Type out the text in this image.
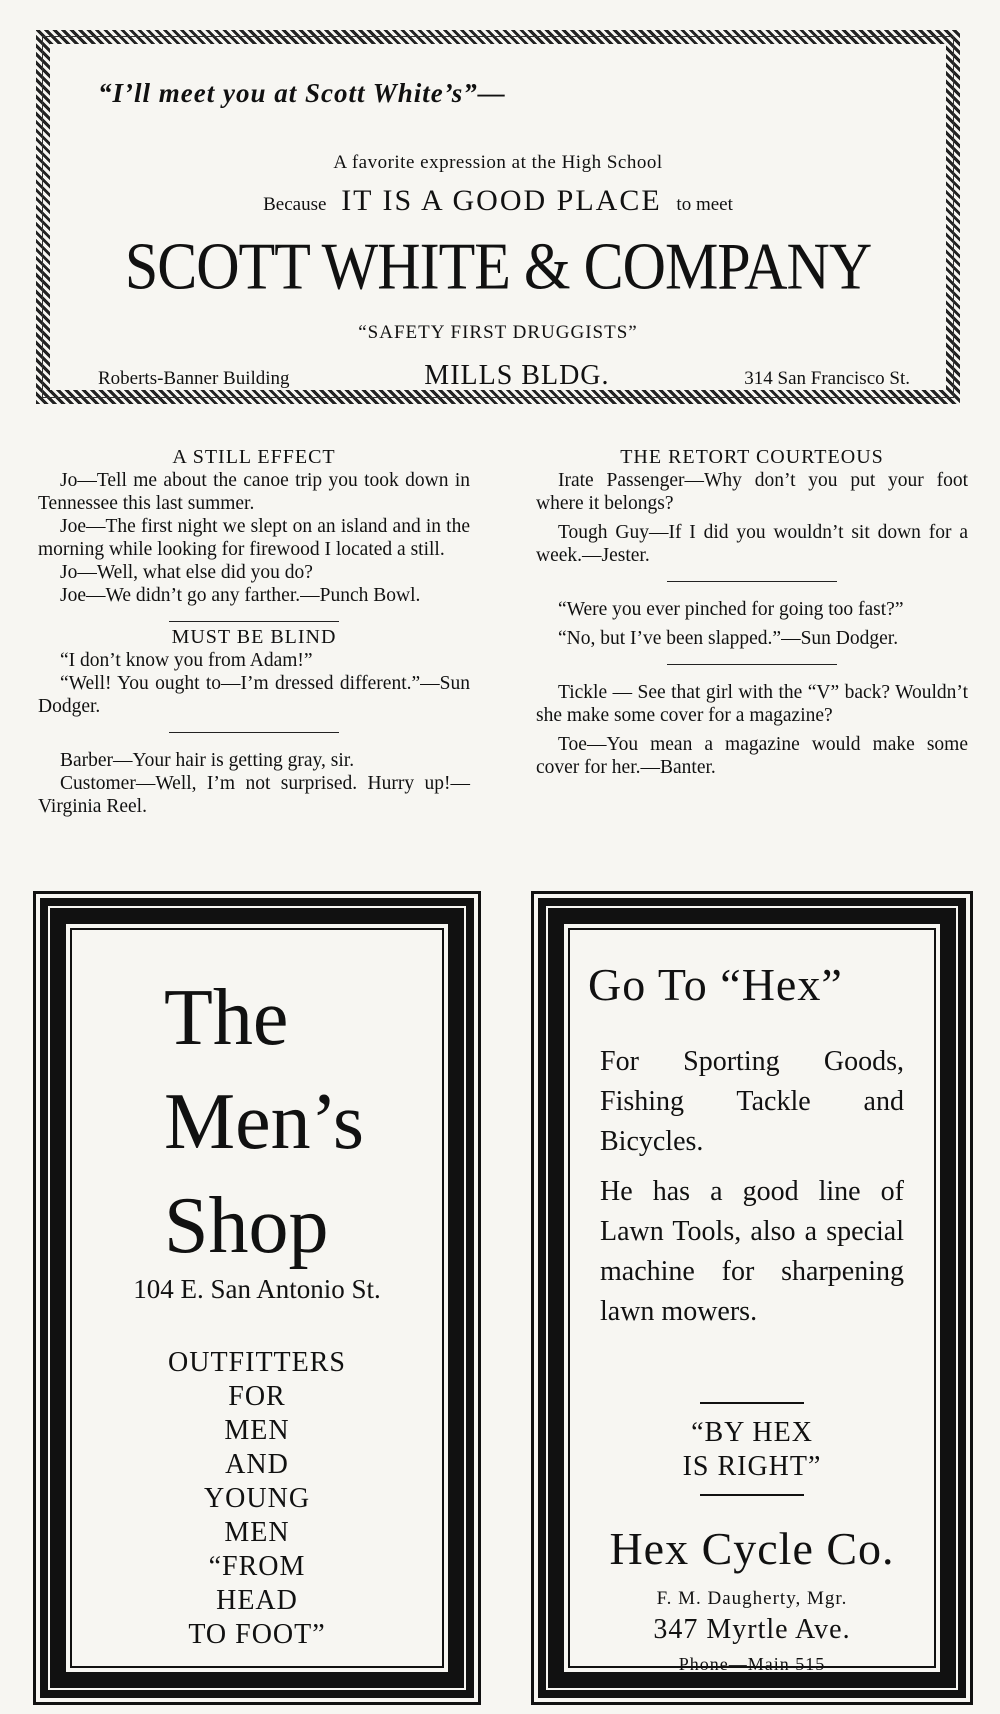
“I’ll meet you at Scott White’s”—
A favorite expression at the High School
Because IT IS A GOOD PLACE to meet
SCOTT WHITE & COMPANY
“SAFETY FIRST DRUGGISTS”
Roberts-Banner Building	MILLS BLDG.	314 San Francisco St.
A STILL EFFECT

Jo—Tell me about the canoe trip you took down in Tennessee this last summer.

Joe—The first night we slept on an island and in the morning while looking for firewood I located a still.

Jo—Well, what else did you do?

Joe—We didn’t go any farther.—Punch Bowl.

MUST BE BLIND

“I don’t know you from Adam!”

“Well! You ought to—I’m dressed different.”—Sun Dodger.

Barber—Your hair is getting gray, sir.

Customer—Well, I’m not surprised. Hurry up!—Virginia Reel.

THE RETORT COURTEOUS

Irate Passenger—Why don’t you put your foot where it belongs?

Tough Guy—If I did you wouldn’t sit down for a week.—Jester.

“Were you ever pinched for going too fast?”

“No, but I’ve been slapped.”—Sun Dodger.

Tickle — See that girl with the “V” back? Wouldn’t she make some cover for a magazine?

Toe—You mean a magazine would make some cover for her.—Banter.

The
Men’s
Shop
104 E. San Antonio St.
OUTFITTERS
FOR
MEN
AND
YOUNG
MEN
“FROM
HEAD
TO FOOT”
Go To “Hex”

For Sporting Goods, Fishing Tackle and Bicycles.

He has a good line of Lawn Tools, also a special machine for sharpening lawn mowers.

“BY HEX
IS RIGHT”
Hex Cycle Co.
F. M. Daugherty, Mgr.
347 Myrtle Ave.
Phone—Main 515
